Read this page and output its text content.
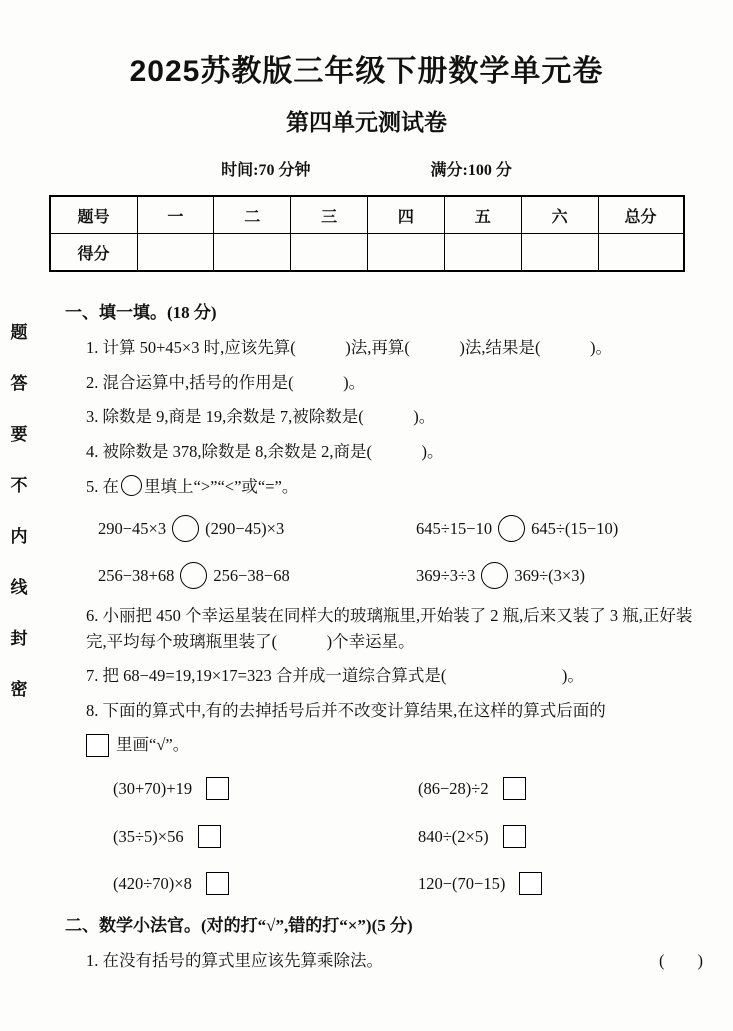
题
答
要
不
内
线
封
密
2025苏教版三年级下册数学单元卷
第四单元测试卷
时间:70 分钟	满分:100 分
题号	一	二	三	四	五	六	总分
得分							
一、填一填。(18 分)

1. 计算 50+45×3 时,应该先算(　　　)法,再算(　　　)法,结果是(　　　)。

2. 混合运算中,括号的作用是(　　　)。

3. 除数是 9,商是 19,余数是 7,被除数是(　　　)。

4. 被除数是 378,除数是 8,余数是 2,商是(　　　)。

5. 在 里填上“>”“<”或“=”。

290−45×3 (290−45)×3	645÷15−10 645÷(15−10)
256−38+68 256−38−68	369÷3÷3 369÷(3×3)

6. 小丽把 450 个幸运星装在同样大的玻璃瓶里,开始装了 2 瓶,后来又装了 3 瓶,正好装完,平均每个玻璃瓶里装了(　　　)个幸运星。

7. 把 68−49=19,19×17=323 合并成一道综合算式是(　　　　　　　)。

8. 下面的算式中,有的去掉括号后并不改变计算结果,在这样的算式后面的

里画“√”。
(30+70)+19	(86−28)÷2
(35÷5)×56	840÷(2×5)
(420÷70)×8	120−(70−15)
二、数学小法官。(对的打“√”,错的打“×”)(5 分)
1. 在没有括号的算式里应该先算乘除法。	(　　)
